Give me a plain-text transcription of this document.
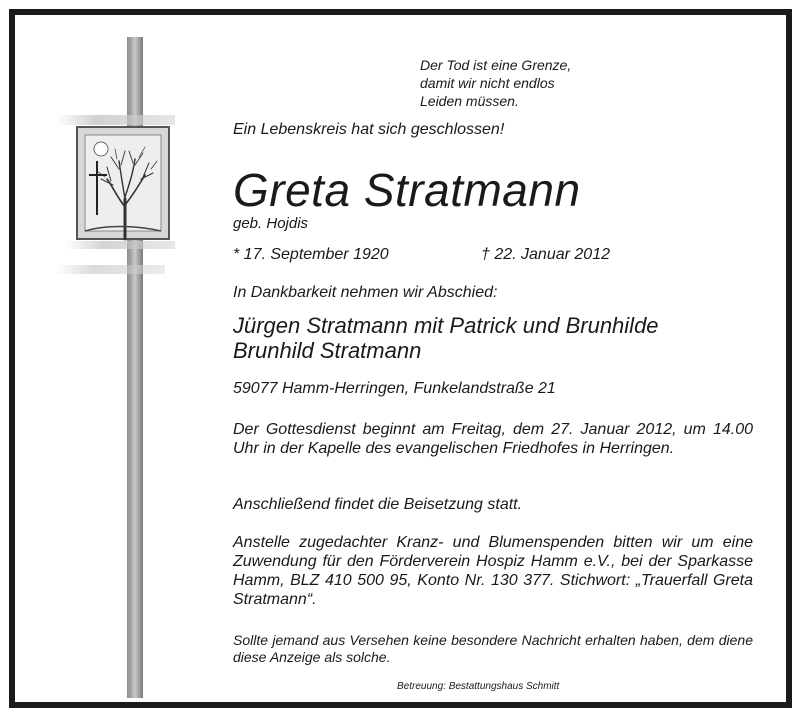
Der Tod ist eine Grenze,
damit wir nicht endlos
Leiden müssen.

Ein Lebenskreis hat sich geschlossen!

Greta Stratmann

geb. Hojdis

* 17. September 1920	† 22. Januar 2012

In Dankbarkeit nehmen wir Abschied:

Jürgen Stratmann mit Patrick und Brunhilde
Brunhild Stratmann

59077 Hamm-Herringen, Funkelandstraße 21

Der Gottesdienst beginnt am Freitag, dem 27. Januar 2012, um 14.00 Uhr in der Kapelle des evangelischen Friedhofes in Herringen.

Anschließend findet die Beisetzung statt.

Anstelle zugedachter Kranz- und Blumenspenden bitten wir um eine Zuwendung für den Förderverein Hospiz Hamm e.V., bei der Sparkasse Hamm, BLZ 410 500 95, Konto Nr. 130 377. Stichwort: „Trauerfall Greta Stratmann“.

Sollte jemand aus Versehen keine besondere Nachricht erhalten haben, dem diene diese Anzeige als solche.

Betreuung: Bestattungshaus Schmitt
